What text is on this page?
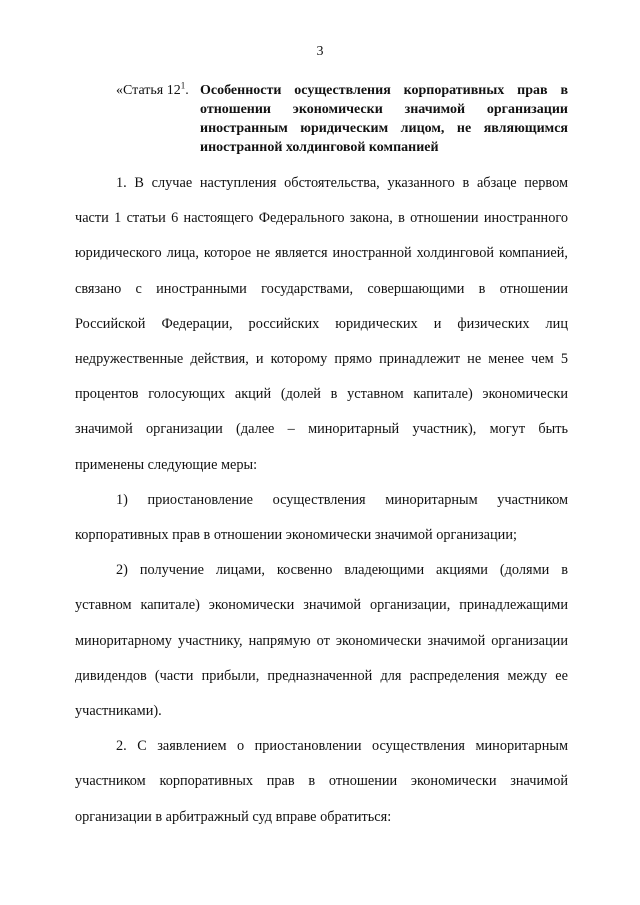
3
«Статья $12^1$. Особенности осуществления корпоративных прав в отношении экономически значимой организации иностранным юридическим лицом, не являющимся иностранной холдинговой компанией

1. В случае наступления обстоятельства, указанного в абзаце первом части 1 статьи 6 настоящего Федерального закона, в отношении иностранного юридического лица, которое не является иностранной холдинговой компанией, связано с иностранными государствами, совершающими в отношении Российской Федерации, российских юридических и физических лиц недружественные действия, и которому прямо принадлежит не менее чем 5 процентов голосующих акций (долей в уставном капитале) экономически значимой организации (далее – миноритарный участник), могут быть применены следующие меры:

1) приостановление осуществления миноритарным участником корпоративных прав в отношении экономически значимой организации;

2) получение лицами, косвенно владеющими акциями (долями в уставном капитале) экономически значимой организации, принадлежащими миноритарному участнику, напрямую от экономически значимой организации дивидендов (части прибыли, предназначенной для распределения между ее участниками).

2. С заявлением о приостановлении осуществления миноритарным участником корпоративных прав в отношении экономически значимой организации в арбитражный суд вправе обратиться:
